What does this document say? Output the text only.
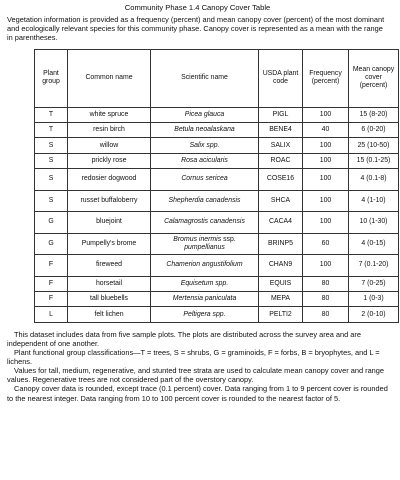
Community Phase 1.4 Canopy Cover Table

Vegetation information is provided as a frequency (percent) and mean canopy cover (percent) of the most dominant and ecologically relevant species for this community phase. Canopy cover is represented as a mean with the range in parentheses.

Plant group	Common name	Scientific name	USDA plant code	Frequency (percent)	Mean canopy cover (percent)
T	white spruce	Picea glauca	PIGL	100	15 (8-20)
T	resin birch	Betula neoalaskana	BENE4	40	6 (0-20)
S	willow	Salix spp.	SALIX	100	25 (10-50)
S	prickly rose	Rosa acicularis	ROAC	100	15 (0.1-25)
S	redosier dogwood	Cornus sericea	COSE16	100	4 (0.1-8)
S	russet buffaloberry	Shepherdia canadensis	SHCA	100	4 (1-10)
G	bluejoint	Calamagrostis canadensis	CACA4	100	10 (1-30)
G	Pumpelly's brome	Bromus inermis ssp. pumpellianus	BRINP5	60	4 (0-15)
F	fireweed	Chamerion angustifolium	CHAN9	100	7 (0.1-20)
F	horsetail	Equisetum spp.	EQUIS	80	7 (0-25)
F	tall bluebells	Mertensia paniculata	MEPA	80	1 (0-3)
L	felt lichen	Peltigera spp.	PELTI2	80	2 (0-10)

This dataset includes data from five sample plots. The plots are distributed across the survey area and are independent of one another.

Plant functional group classifications—T = trees, S = shrubs, G = graminoids, F = forbs, B = bryophytes, and L = lichens.

Values for tall, medium, regenerative, and stunted tree strata are used to calculate mean canopy cover and range values. Regenerative trees are not considered part of the overstory canopy.

Canopy cover data is rounded, except trace (0.1 percent) cover. Data ranging from 1 to 9 percent cover is rounded to the nearest integer. Data ranging from 10 to 100 percent cover is rounded to the nearest factor of 5.
